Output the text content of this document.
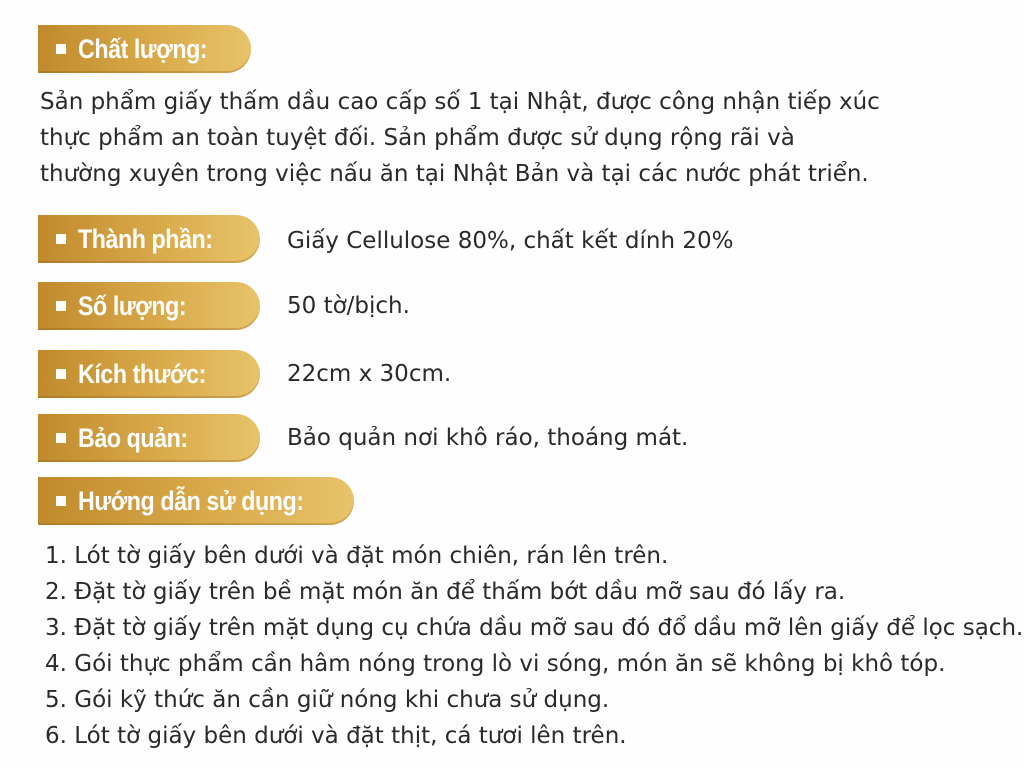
Chất lượng:
Sản phẩm giấy thấm dầu cao cấp số 1 tại Nhật, được công nhận tiếp xúc
thực phẩm an toàn tuyệt đối. Sản phẩm được sử dụng rộng rãi và
thường xuyên trong việc nấu ăn tại Nhật Bản và tại các nước phát triển.
Thành phần:	Giấy Cellulose 80%, chất kết dính 20%
Số lượng:	50 tờ/bịch.
Kích thước:	22cm x 30cm.
Bảo quản:	Bảo quản nơi khô ráo, thoáng mát.
Hướng dẫn sử dụng:
1. Lót tờ giấy bên dưới và đặt món chiên, rán lên trên.
2. Đặt tờ giấy trên bề mặt món ăn để thấm bớt dầu mỡ sau đó lấy ra.
3. Đặt tờ giấy trên mặt dụng cụ chứa dầu mỡ sau đó đổ dầu mỡ lên giấy để lọc sạch.
4. Gói thực phẩm cần hâm nóng trong lò vi sóng, món ăn sẽ không bị khô tóp.
5. Gói kỹ thức ăn cần giữ nóng khi chưa sử dụng.
6. Lót tờ giấy bên dưới và đặt thịt, cá tươi lên trên.
